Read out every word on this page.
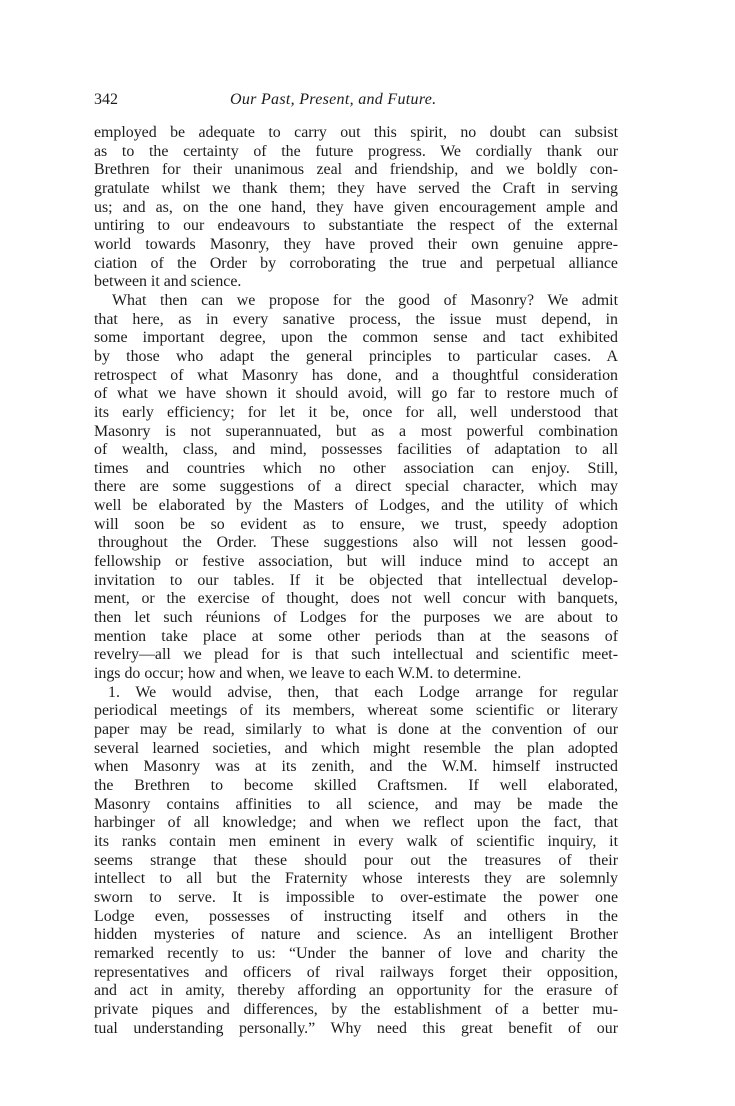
342	Our Past, Present, and Future.
employed be adequate to carry out this spirit, no doubt can subsist
as to the certainty of the future progress. We cordially thank our
Brethren for their unanimous zeal and friendship, and we boldly con-
gratulate whilst we thank them; they have served the Craft in serving
us; and as, on the one hand, they have given encouragement ample and
untiring to our endeavours to substantiate the respect of the external
world towards Masonry, they have proved their own genuine appre-
ciation of the Order by corroborating the true and perpetual alliance
between it and science.
What then can we propose for the good of Masonry? We admit
that here, as in every sanative process, the issue must depend, in
some important degree, upon the common sense and tact exhibited
by those who adapt the general principles to particular cases. A
retrospect of what Masonry has done, and a thoughtful consideration
of what we have shown it should avoid, will go far to restore much of
its early efficiency; for let it be, once for all, well understood that
Masonry is not superannuated, but as a most powerful combination
of wealth, class, and mind, possesses facilities of adaptation to all
times and countries which no other association can enjoy. Still,
there are some suggestions of a direct special character, which may
well be elaborated by the Masters of Lodges, and the utility of which
will soon be so evident as to ensure, we trust, speedy adoption
throughout the Order. These suggestions also will not lessen good-
fellowship or festive association, but will induce mind to accept an
invitation to our tables. If it be objected that intellectual develop-
ment, or the exercise of thought, does not well concur with banquets,
then let such réunions of Lodges for the purposes we are about to
mention take place at some other periods than at the seasons of
revelry—all we plead for is that such intellectual and scientific meet-
ings do occur; how and when, we leave to each W.M. to determine.
1. We would advise, then, that each Lodge arrange for regular
periodical meetings of its members, whereat some scientific or literary
paper may be read, similarly to what is done at the convention of our
several learned societies, and which might resemble the plan adopted
when Masonry was at its zenith, and the W.M. himself instructed
the Brethren to become skilled Craftsmen. If well elaborated,
Masonry contains affinities to all science, and may be made the
harbinger of all knowledge; and when we reflect upon the fact, that
its ranks contain men eminent in every walk of scientific inquiry, it
seems strange that these should pour out the treasures of their
intellect to all but the Fraternity whose interests they are solemnly
sworn to serve. It is impossible to over-estimate the power one
Lodge even, possesses of instructing itself and others in the
hidden mysteries of nature and science. As an intelligent Brother
remarked recently to us: “Under the banner of love and charity the
representatives and officers of rival railways forget their opposition,
and act in amity, thereby affording an opportunity for the erasure of
private piques and differences, by the establishment of a better mu-
tual understanding personally.” Why need this great benefit of our
